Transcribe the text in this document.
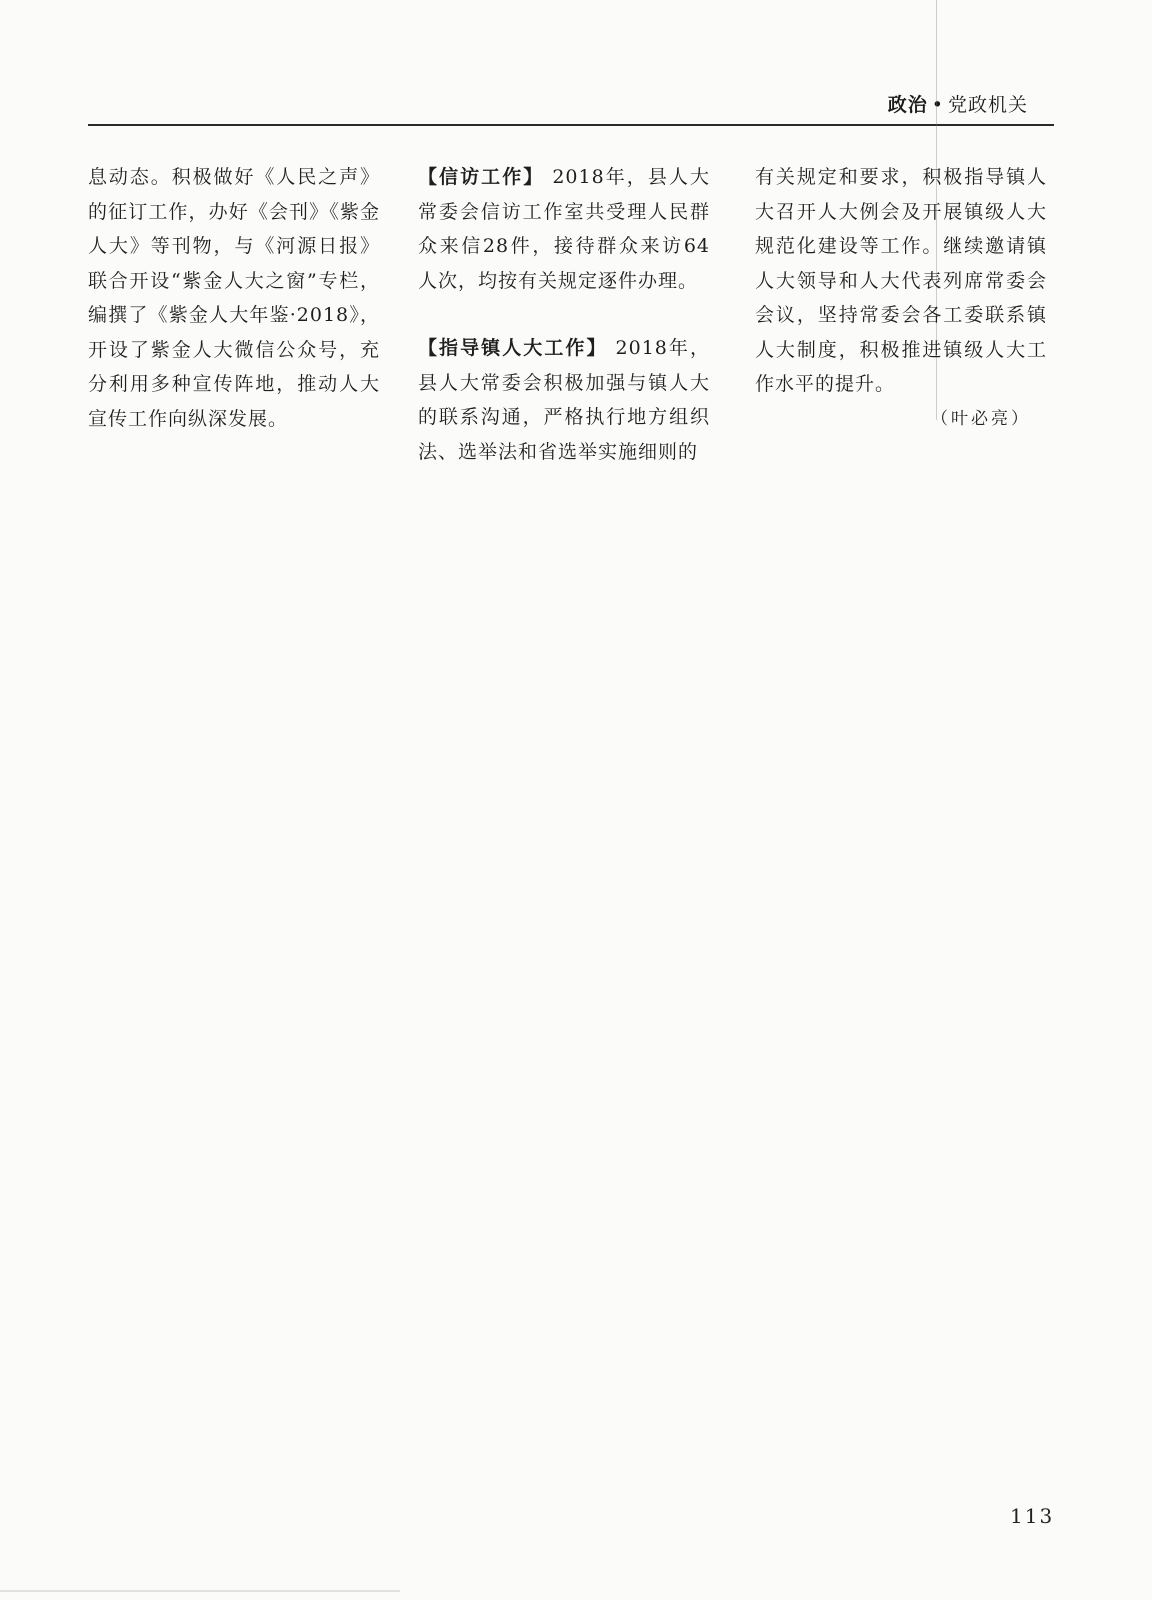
政治 • 党政机关

息动态。积极做好《人民之声》的征订工作，办好《会刊》《紫金人大》等刊物，与《河源日报》联合开设“紫金人大之窗”专栏，编撰了《紫金人大年鉴·2018》，开设了紫金人大微信公众号，充分利用多种宣传阵地，推动人大宣传工作向纵深发展。

【信访工作】 2018年，县人大常委会信访工作室共受理人民群众来信28件，接待群众来访64人次，均按有关规定逐件办理。

【指导镇人大工作】 2018年，县人大常委会积极加强与镇人大的联系沟通，严格执行地方组织法、选举法和省选举实施细则的

有关规定和要求，积极指导镇人大召开人大例会及开展镇级人大规范化建设等工作。继续邀请镇人大领导和人大代表列席常委会会议，坚持常委会各工委联系镇人大制度，积极推进镇级人大工作水平的提升。

（叶必亮）

113
